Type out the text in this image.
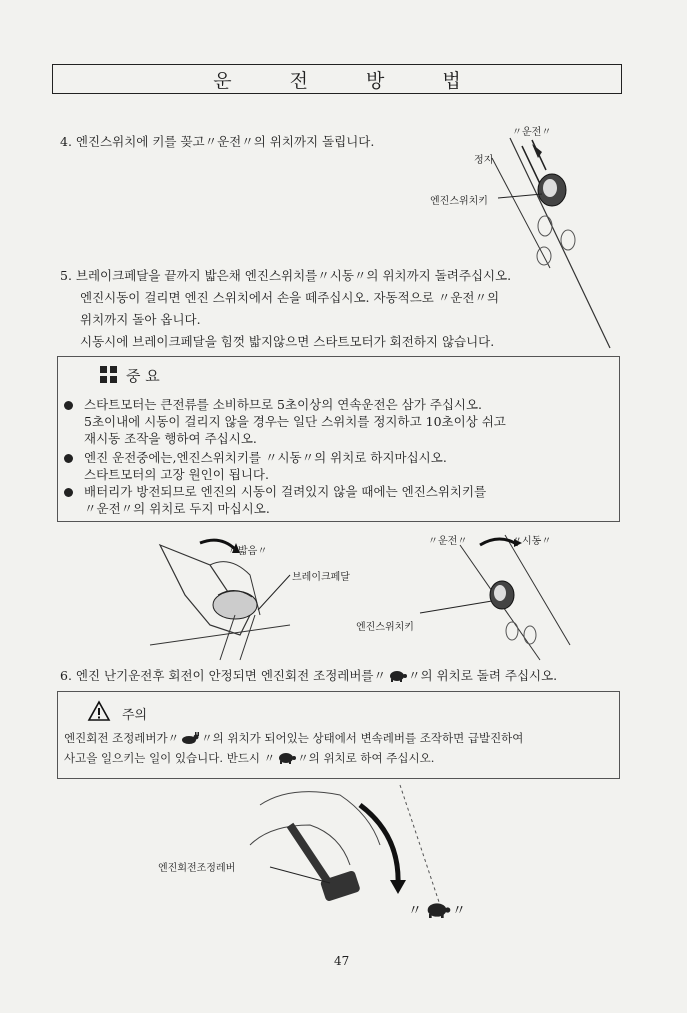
운 전 방 법
4. 엔진스위치에 키를 꽂고〃운전〃의 위치까지 돌립니다.
〃운전〃
정지
엔진스위치키
5. 브레이크페달을 끝까지 밟은채 엔진스위치를〃시동〃의 위치까지 돌려주십시오.
엔진시동이 걸리면 엔진 스위치에서 손을 떼주십시오. 자동적으로 〃운전〃의
위치까지 돌아 옵니다.
시동시에 브레이크페달을 힘껏 밟지않으면 스타트모터가 회전하지 않습니다.
중 요
스타트모터는 큰전류를 소비하므로 5초이상의 연속운전은 삼가 주십시오.
5초이내에 시동이 걸리지 않을 경우는 일단 스위치를 정지하고 10초이상 쉬고
재시동 조작을 행하여 주십시오.
엔진 운전중에는,엔진스위치키를 〃시동〃의 위치로 하지마십시오.
스타트모터의 고장 원인이 됩니다.
배터리가 방전되므로 엔진의 시동이 걸려있지 않을 때에는 엔진스위치키를
〃운전〃의 위치로 두지 마십시오.
〃밟음〃
브레이크페달
〃운전〃	〃시동〃
엔진스위치키
6. 엔진 난기운전후 회전이 안정되면 엔진회전 조정레버를〃 〃의 위치로 돌려 주십시오.
주의
엔진회전 조정레버가〃 〃의 위치가 되어있는 상태에서 변속레버를 조작하면 급발진하여
사고을 일으키는 일이 있습니다. 반드시 〃 〃의 위치로 하여 주십시오.
엔진회전조정레버
〃 〃
47
